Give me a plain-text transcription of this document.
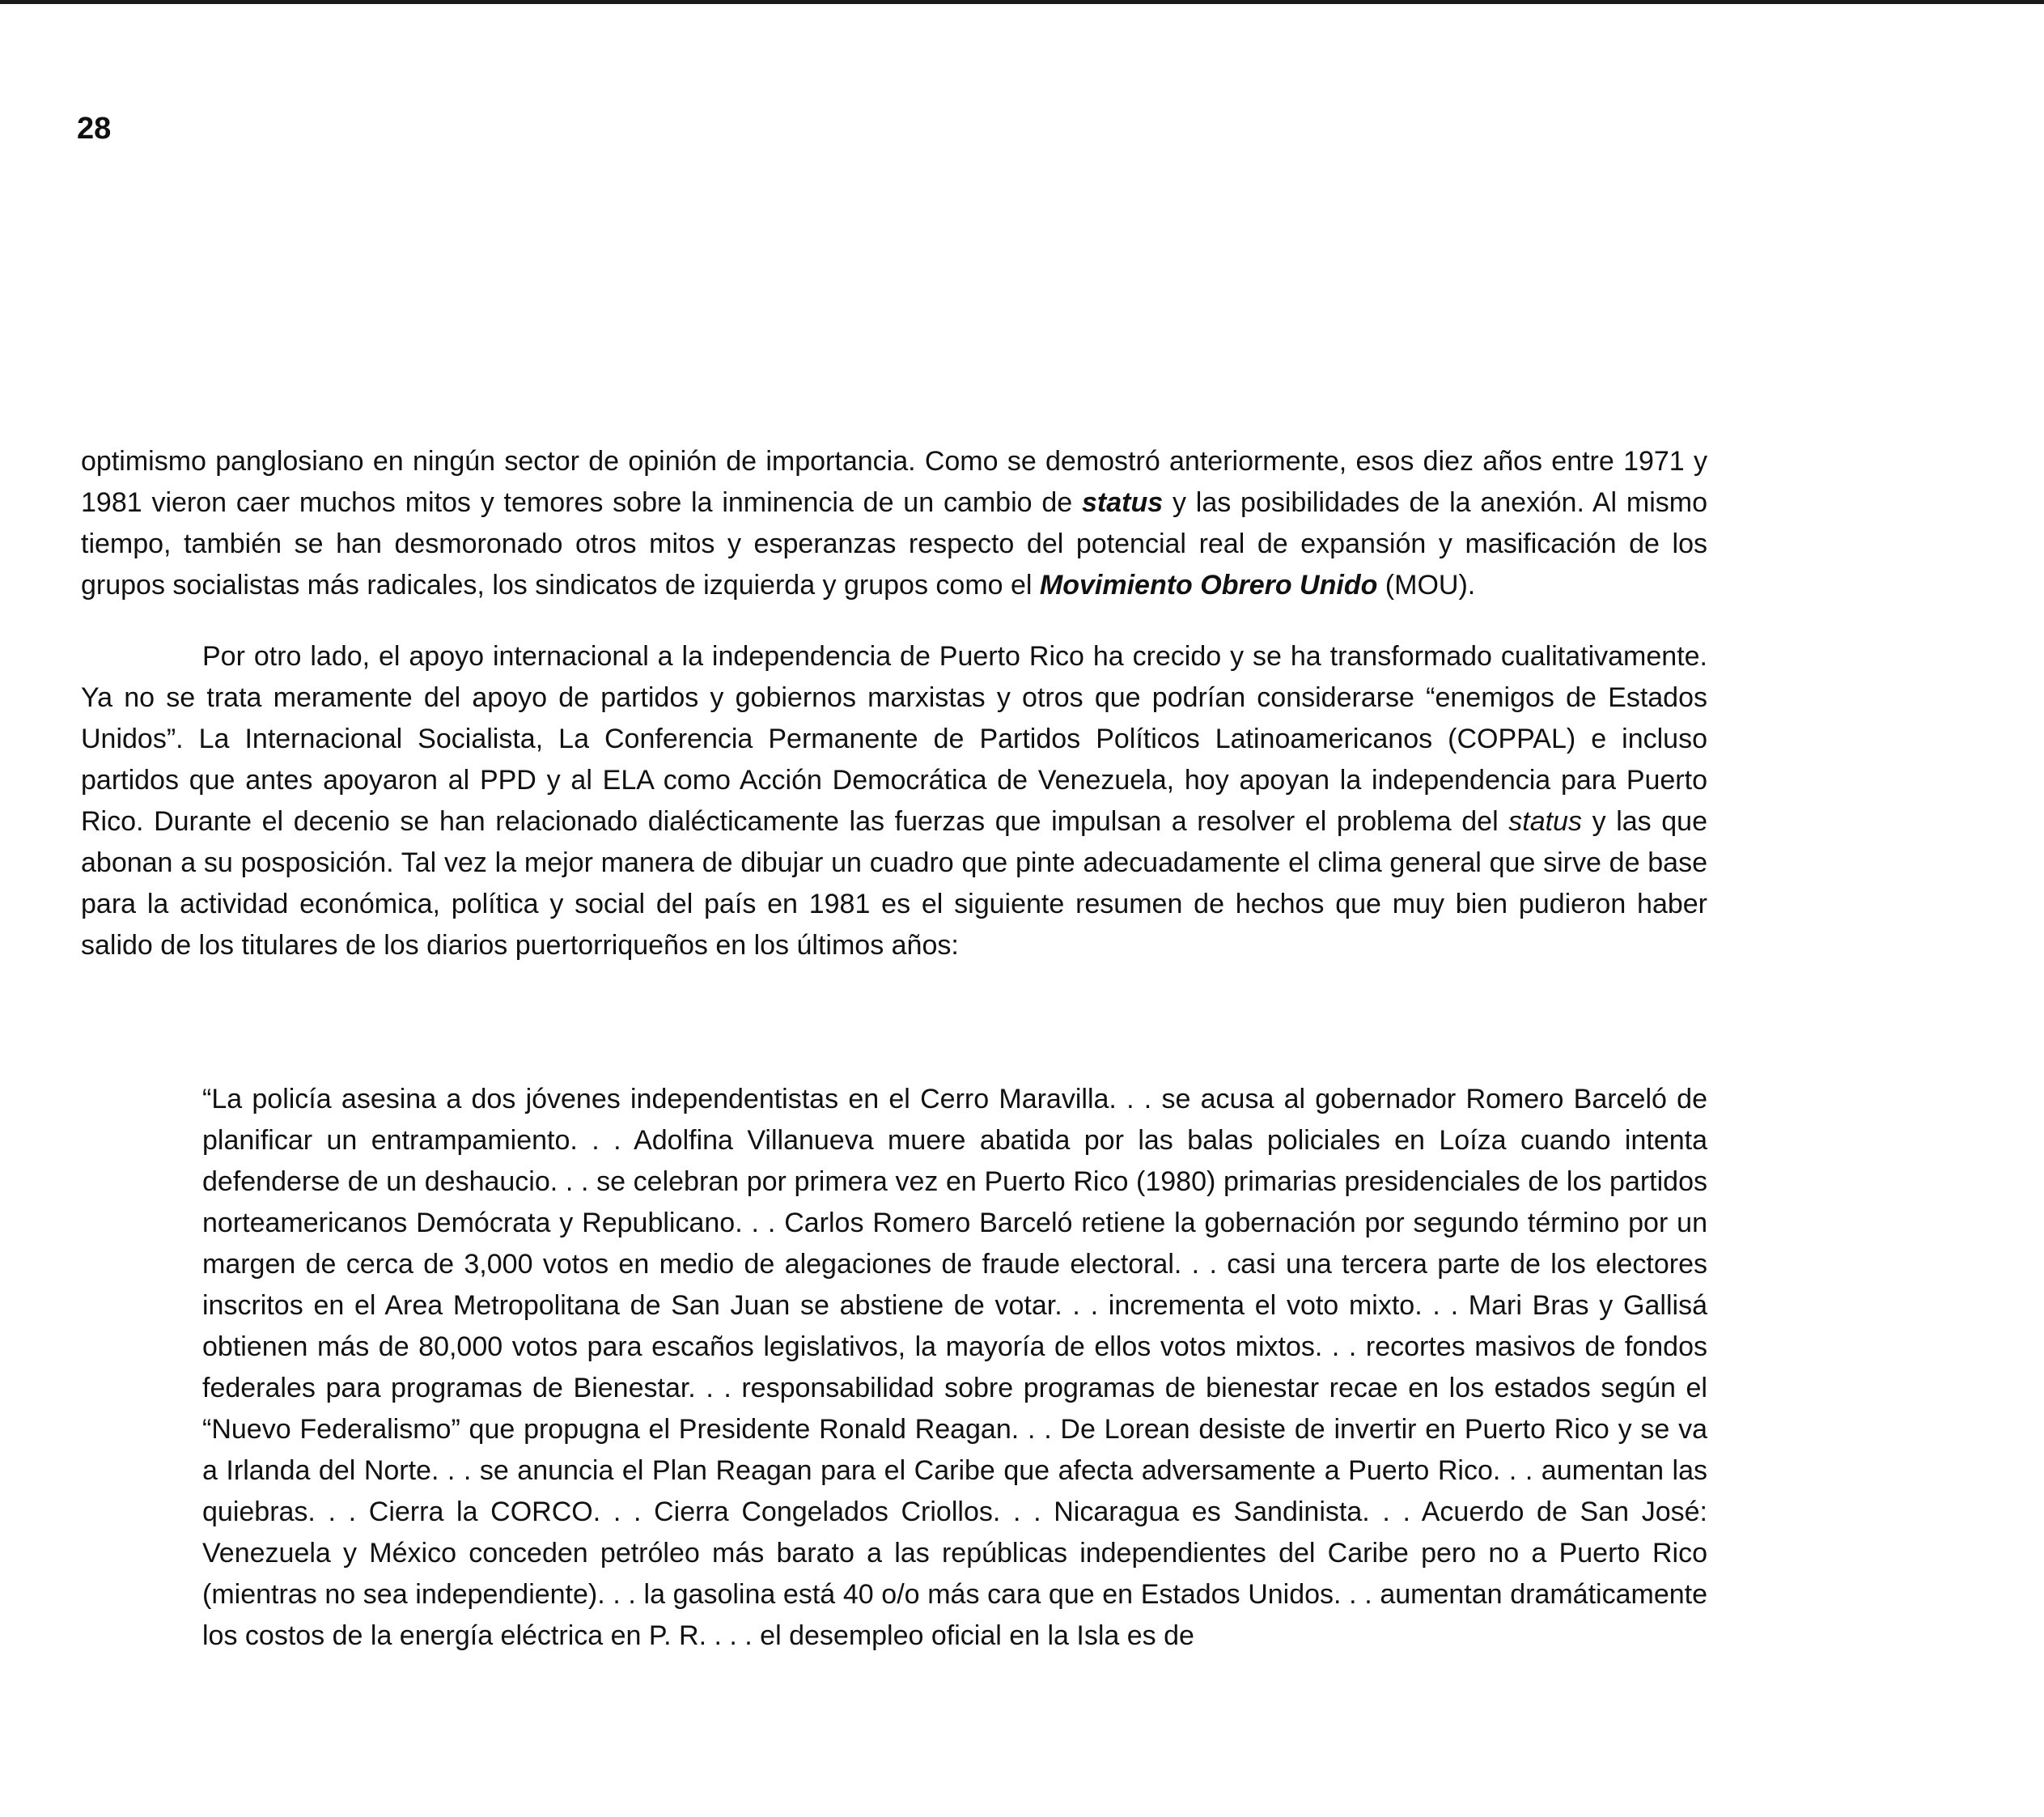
28

optimismo panglosiano en ningún sector de opinión de importancia. Como se demostró anteriormente, esos diez años entre 1971 y 1981 vieron caer muchos mitos y temores sobre la inminencia de un cambio de status y las posibilidades de la anexión. Al mismo tiempo, también se han desmoronado otros mitos y esperanzas respecto del potencial real de expansión y masificación de los grupos socialistas más radicales, los sindicatos de izquierda y grupos como el Movimiento Obrero Unido (MOU).

Por otro lado, el apoyo internacional a la independencia de Puerto Rico ha crecido y se ha transformado cualitativamente. Ya no se trata meramente del apoyo de partidos y gobiernos marxistas y otros que podrían considerarse “enemigos de Estados Unidos”. La Internacional Socialista, La Conferencia Permanente de Partidos Políticos Latinoamericanos (COPPAL) e incluso partidos que antes apoyaron al PPD y al ELA como Acción Democrática de Venezuela, hoy apoyan la independencia para Puerto Rico. Durante el decenio se han relacionado dialécticamente las fuerzas que impulsan a resolver el problema del status y las que abonan a su posposición. Tal vez la mejor manera de dibujar un cuadro que pinte adecuadamente el clima general que sirve de base para la actividad económica, política y social del país en 1981 es el siguiente resumen de hechos que muy bien pudieron haber salido de los titulares de los diarios puertorriqueños en los últimos años:

“La policía asesina a dos jóvenes independentistas en el Cerro Maravilla. . . se acusa al gobernador Romero Barceló de planificar un entrampamiento. . . Adolfina Villanueva muere abatida por las balas policiales en Loíza cuando intenta defenderse de un deshaucio. . . se celebran por primera vez en Puerto Rico (1980) primarias presidenciales de los partidos norteamericanos Demócrata y Republicano. . . Carlos Romero Barceló retiene la gobernación por segundo término por un margen de cerca de 3,000 votos en medio de alegaciones de fraude electoral. . . casi una tercera parte de los electores inscritos en el Area Metropolitana de San Juan se abstiene de votar. . . incrementa el voto mixto. . . Mari Bras y Gallisá obtienen más de 80,000 votos para escaños legislativos, la mayoría de ellos votos mixtos. . . recortes masivos de fondos federales para programas de Bienestar. . . responsabilidad sobre programas de bienestar recae en los estados según el “Nuevo Federalismo” que propugna el Presidente Ronald Reagan. . . De Lorean desiste de invertir en Puerto Rico y se va a Irlanda del Norte. . . se anuncia el Plan Reagan para el Caribe que afecta adversamente a Puerto Rico. . . aumentan las quiebras. . . Cierra la CORCO. . . Cierra Congelados Criollos. . . Nicaragua es Sandinista. . . Acuerdo de San José: Venezuela y México conceden petróleo más barato a las repúblicas independientes del Caribe pero no a Puerto Rico (mientras no sea independiente). . . la gasolina está 40 o/o más cara que en Estados Unidos. . . aumentan dramáticamente los costos de la energía eléctrica en P. R. . . . el desempleo oficial en la Isla es de
